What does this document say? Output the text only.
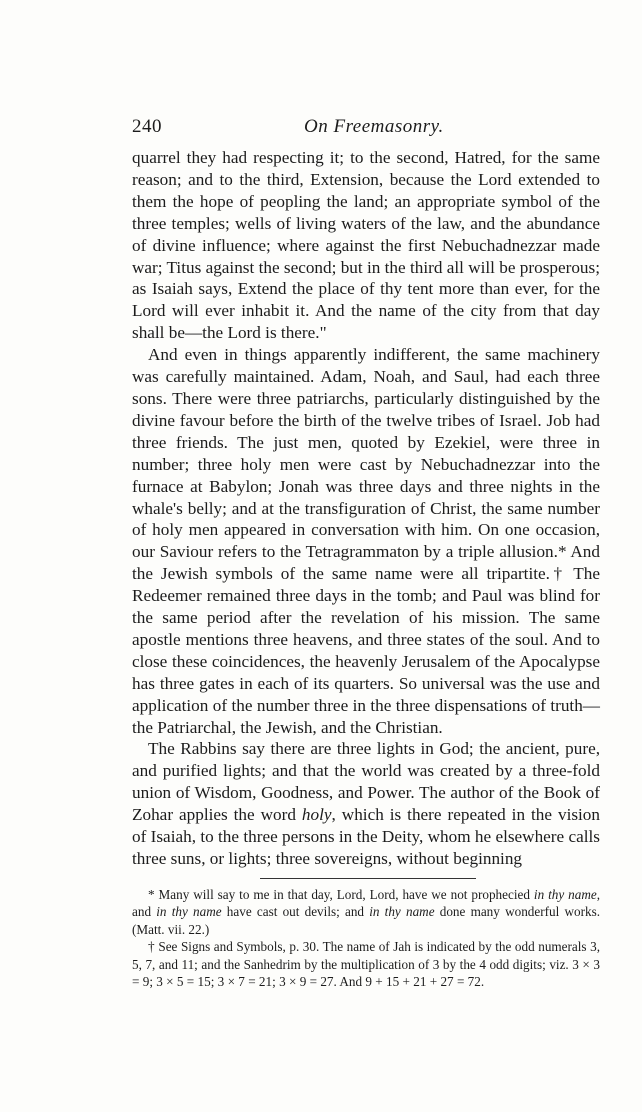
240	On Freemasonry.

quarrel they had respecting it; to the second, Hatred, for the same reason; and to the third, Extension, because the Lord extended to them the hope of peopling the land; an appropriate symbol of the three temples; wells of living waters of the law, and the abundance of divine influence; where against the first Nebuchadnezzar made war; Titus against the second; but in the third all will be prosperous; as Isaiah says, Extend the place of thy tent more than ever, for the Lord will ever inhabit it. And the name of the city from that day shall be—the Lord is there."

And even in things apparently indifferent, the same machinery was carefully maintained. Adam, Noah, and Saul, had each three sons. There were three patriarchs, particularly distinguished by the divine favour before the birth of the twelve tribes of Israel. Job had three friends. The just men, quoted by Ezekiel, were three in number; three holy men were cast by Nebuchadnezzar into the furnace at Babylon; Jonah was three days and three nights in the whale's belly; and at the transfiguration of Christ, the same number of holy men appeared in conversation with him. On one occasion, our Saviour refers to the Tetragrammaton by a triple allusion.* And the Jewish symbols of the same name were all tripartite.† The Redeemer remained three days in the tomb; and Paul was blind for the same period after the revelation of his mission. The same apostle mentions three heavens, and three states of the soul. And to close these coincidences, the heavenly Jerusalem of the Apocalypse has three gates in each of its quarters. So universal was the use and application of the number three in the three dispensations of truth—the Patriarchal, the Jewish, and the Christian.

The Rabbins say there are three lights in God; the ancient, pure, and purified lights; and that the world was created by a three-fold union of Wisdom, Goodness, and Power. The author of the Book of Zohar applies the word holy, which is there repeated in the vision of Isaiah, to the three persons in the Deity, whom he elsewhere calls three suns, or lights; three sovereigns, without beginning

* Many will say to me in that day, Lord, Lord, have we not prophecied in thy name, and in thy name have cast out devils; and in thy name done many wonderful works. (Matt. vii. 22.)

† See Signs and Symbols, p. 30. The name of Jah is indicated by the odd numerals 3, 5, 7, and 11; and the Sanhedrim by the multiplication of 3 by the 4 odd digits; viz. 3 × 3 = 9; 3 × 5 = 15; 3 × 7 = 21; 3 × 9 = 27. And 9 + 15 + 21 + 27 = 72.
